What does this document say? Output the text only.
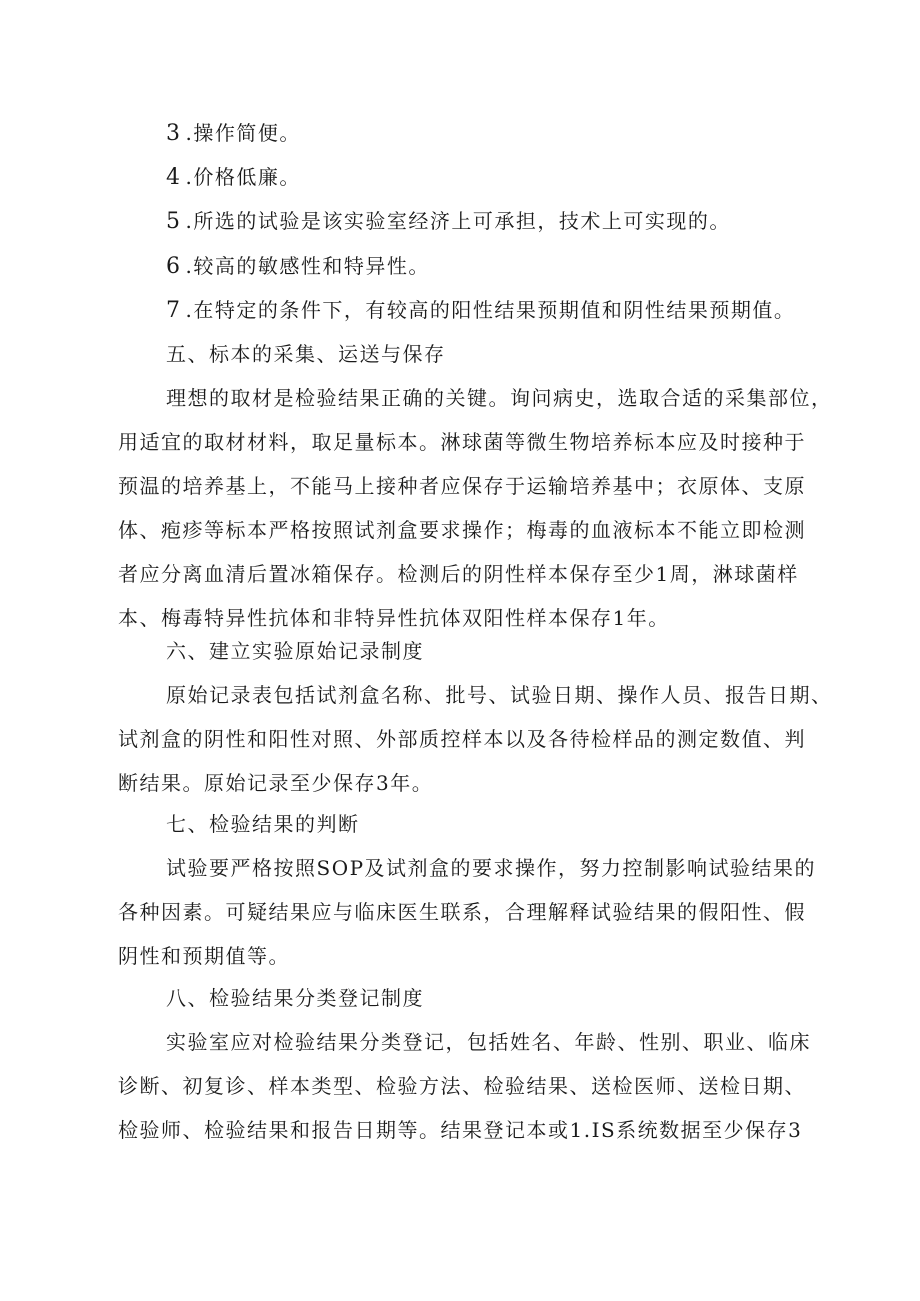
3 .操作简便。
4 .价格低廉。
5 .所选的试验是该实验室经济上可承担，技术上可实现的。
6 .较高的敏感性和特异性。
7 .在特定的条件下，有较高的阳性结果预期值和阴性结果预期值。
五、标本的采集、运送与保存
理想的取材是检验结果正确的关键。询问病史，选取合适的采集部位，
用适宜的取材材料，取足量标本。淋球菌等微生物培养标本应及时接种于
预温的培养基上，不能马上接种者应保存于运输培养基中；衣原体、支原
体、疱疹等标本严格按照试剂盒要求操作；梅毒的血液标本不能立即检测
者应分离血清后置冰箱保存。检测后的阴性样本保存至少1周，淋球菌样
本、梅毒特异性抗体和非特异性抗体双阳性样本保存1年。
六、建立实验原始记录制度
原始记录表包括试剂盒名称、批号、试验日期、操作人员、报告日期、
试剂盒的阴性和阳性对照、外部质控样本以及各待检样品的测定数值、判
断结果。原始记录至少保存3年。
七、检验结果的判断
试验要严格按照SOP及试剂盒的要求操作，努力控制影响试验结果的
各种因素。可疑结果应与临床医生联系，合理解释试验结果的假阳性、假
阴性和预期值等。
八、检验结果分类登记制度
实验室应对检验结果分类登记，包括姓名、年龄、性别、职业、临床
诊断、初复诊、样本类型、检验方法、检验结果、送检医师、送检日期、
检验师、检验结果和报告日期等。结果登记本或1.IS系统数据至少保存3
